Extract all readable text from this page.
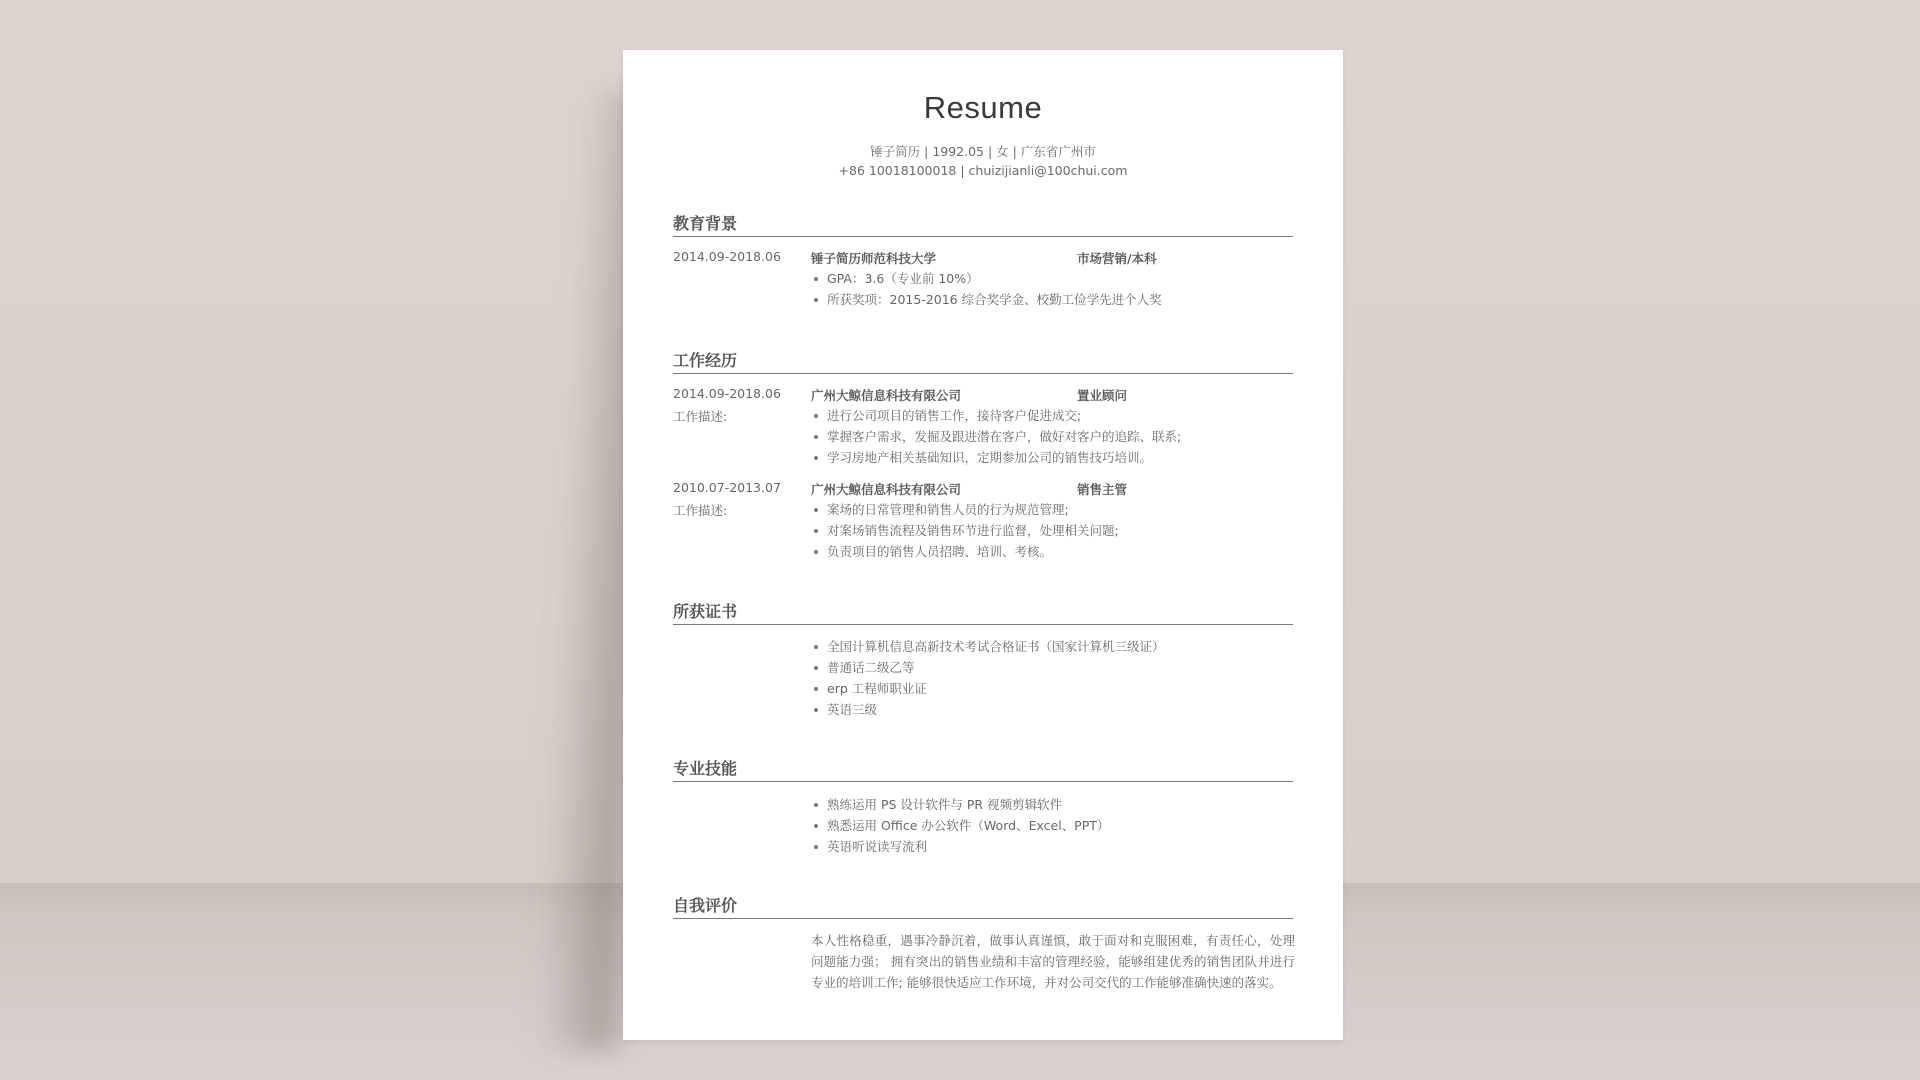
Resume
锤子简历 | 1992.05 | 女 | 广东省广州市
+86 10018100018 | chuizijianli@100chui.com
教育背景
2014.09-2018.06 锤子简历师范科技大学	市场营销/本科
GPA：3.6（专业前 10%）
所获奖项：2015-2016 综合奖学金、校勤工俭学先进个人奖
工作经历
2014.09-2018.06 广州大鲸信息科技有限公司	置业顾问
工作描述:	进行公司项目的销售工作，接待客户促进成交;
掌握客户需求，发掘及跟进潜在客户，做好对客户的追踪、联系;
学习房地产相关基础知识，定期参加公司的销售技巧培训。
2010.07-2013.07 广州大鲸信息科技有限公司	销售主管
工作描述:	案场的日常管理和销售人员的行为规范管理;
对案场销售流程及销售环节进行监督，处理相关问题;
负责项目的销售人员招聘、培训、考核。
所获证书
全国计算机信息高新技术考试合格证书（国家计算机三级证）
普通话二级乙等
erp 工程师职业证
英语三级
专业技能
熟练运用 PS 设计软件与 PR 视频剪辑软件
熟悉运用 Office 办公软件（Word、Excel、PPT）
英语听说读写流利
自我评价
本人性格稳重，遇事冷静沉着，做事认真谨慎，敢于面对和克服困难，有责任心，处理问题能力强； 拥有突出的销售业绩和丰富的管理经验，能够组建优秀的销售团队并进行专业的培训工作; 能够很快适应工作环境，并对公司交代的工作能够准确快速的落实。
